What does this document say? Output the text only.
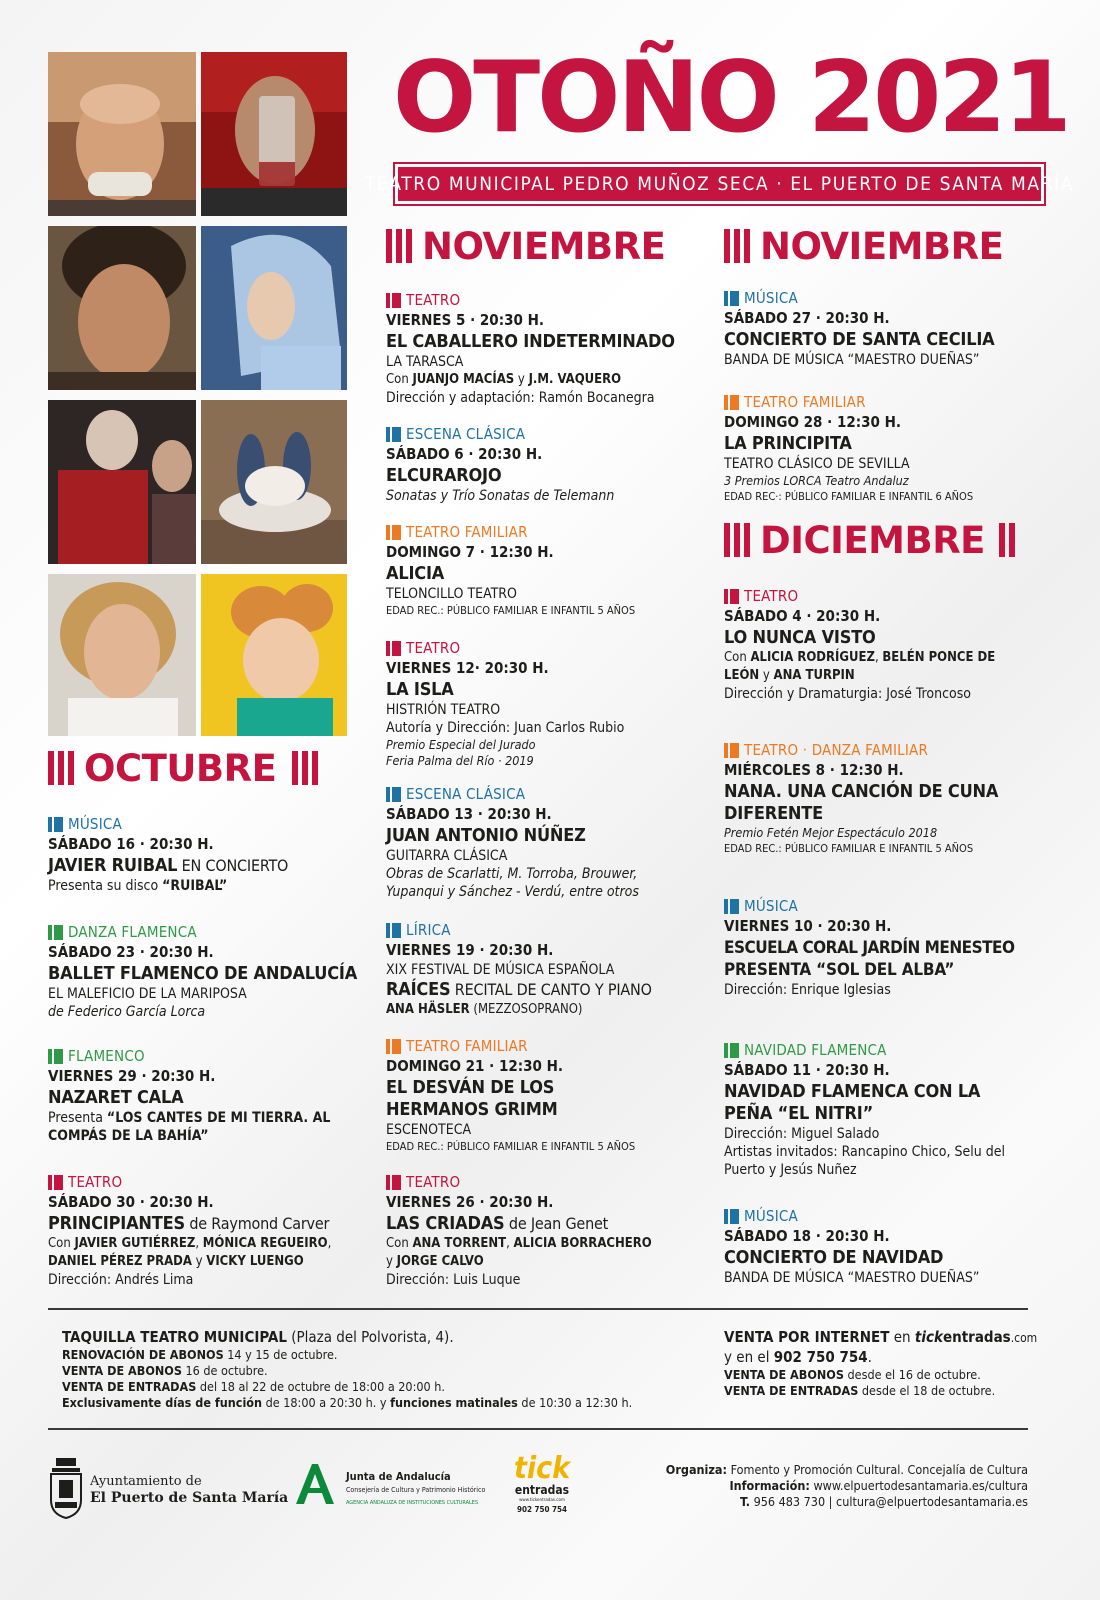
OTOÑO 2021
TEATRO MUNICIPAL PEDRO MUÑOZ SECA · EL PUERTO DE SANTA MARÍA
OCTUBRE
NOVIEMBRE	NOVIEMBRE
DICIEMBRE
MÚSICA
SÁBADO 16 · 20:30 H.
JAVIER RUIBAL EN CONCIERTO
Presenta su disco “RUIBAL”
DANZA FLAMENCA
SÁBADO 23 · 20:30 H.
BALLET FLAMENCO DE ANDALUCÍA
EL MALEFICIO DE LA MARIPOSA
de Federico García Lorca
FLAMENCO
VIERNES 29 · 20:30 H.
NAZARET CALA
Presenta “LOS CANTES DE MI TIERRA. AL
COMPÁS DE LA BAHÍA”
TEATRO
SÁBADO 30 · 20:30 H.
PRINCIPIANTES de Raymond Carver
Con JAVIER GUTIÉRREZ, MÓNICA REGUEIRO,
DANIEL PÉREZ PRADA y VICKY LUENGO
Dirección: Andrés Lima
TEATRO
VIERNES 5 · 20:30 H.
EL CABALLERO INDETERMINADO
LA TARASCA
Con JUANJO MACÍAS y J.M. VAQUERO
Dirección y adaptación: Ramón Bocanegra
ESCENA CLÁSICA
SÁBADO 6 · 20:30 H.
ELCURAROJO
Sonatas y Trío Sonatas de Telemann
TEATRO FAMILIAR
DOMINGO 7 · 12:30 H.
ALICIA
TELONCILLO TEATRO
EDAD REC.: PÚBLICO FAMILIAR E INFANTIL 5 AÑOS
TEATRO
VIERNES 12· 20:30 H.
LA ISLA
HISTRIÓN TEATRO
Autoría y Dirección: Juan Carlos Rubio
Premio Especial del Jurado
Feria Palma del Río · 2019
ESCENA CLÁSICA
SÁBADO 13 · 20:30 H.
JUAN ANTONIO NÚÑEZ
GUITARRA CLÁSICA
Obras de Scarlatti, M. Torroba, Brouwer,
Yupanqui y Sánchez - Verdú, entre otros
LÍRICA
VIERNES 19 · 20:30 H.
XIX FESTIVAL DE MÚSICA ESPAÑOLA
RAÍCES RECITAL DE CANTO Y PIANO
ANA HÄSLER (MEZZOSOPRANO)
TEATRO FAMILIAR
DOMINGO 21 · 12:30 H.
EL DESVÁN DE LOS
HERMANOS GRIMM
ESCENOTECA
EDAD REC.: PÚBLICO FAMILIAR E INFANTIL 5 AÑOS
TEATRO
VIERNES 26 · 20:30 H.
LAS CRIADAS de Jean Genet
Con ANA TORRENT, ALICIA BORRACHERO
y JORGE CALVO
Dirección: Luis Luque
MÚSICA
SÁBADO 27 · 20:30 H.
CONCIERTO DE SANTA CECILIA
BANDA DE MÚSICA “MAESTRO DUEÑAS”
TEATRO FAMILIAR
DOMINGO 28 · 12:30 H.
LA PRINCIPITA
TEATRO CLÁSICO DE SEVILLA
3 Premios LORCA Teatro Andaluz
EDAD REC·: PÚBLICO FAMILIAR E INFANTIL 6 AÑOS
TEATRO
SÁBADO 4 · 20:30 H.
LO NUNCA VISTO
Con ALICIA RODRÍGUEZ, BELÉN PONCE DE
LEÓN y ANA TURPIN
Dirección y Dramaturgia: José Troncoso
TEATRO · DANZA FAMILIAR
MIÉRCOLES 8 · 12:30 H.
NANA. UNA CANCIÓN DE CUNA
DIFERENTE
Premio Fetén Mejor Espectáculo 2018
EDAD REC.: PÚBLICO FAMILIAR E INFANTIL 5 AÑOS
MÚSICA
VIERNES 10 · 20:30 H.
ESCUELA CORAL JARDÍN MENESTEO
PRESENTA “SOL DEL ALBA”
Dirección: Enrique Iglesias
NAVIDAD FLAMENCA
SÁBADO 11 · 20:30 H.
NAVIDAD FLAMENCA CON LA
PEÑA “EL NITRI”
Dirección: Miguel Salado
Artistas invitados: Rancapino Chico, Selu del
Puerto y Jesús Nuñez
MÚSICA
SÁBADO 18 · 20:30 H.
CONCIERTO DE NAVIDAD
BANDA DE MÚSICA “MAESTRO DUEÑAS”
TAQUILLA TEATRO MUNICIPAL (Plaza del Polvorista, 4).
RENOVACIÓN DE ABONOS 14 y 15 de octubre.
VENTA DE ABONOS 16 de octubre.
VENTA DE ENTRADAS del 18 al 22 de octubre de 18:00 a 20:00 h.
Exclusivamente días de función de 18:00 a 20:30 h. y funciones matinales de 10:30 a 12:30 h.
VENTA POR INTERNET en tickentradas.com
y en el 902 750 754.
VENTA DE ABONOS desde el 16 de octubre.
VENTA DE ENTRADAS desde el 18 de octubre.
Ayuntamiento de
El Puerto de Santa María
Junta de Andalucía
Consejería de Cultura y Patrimonio Histórico
AGENCIA ANDALUZA DE INSTITUCIONES CULTURALES
tick
entradas
www.tickentradas.com
902 750 754
Organiza: Fomento y Promoción Cultural. Concejalía de Cultura
Información: www.elpuertodesantamaria.es/cultura
T. 956 483 730 | cultura@elpuertodesantamaria.es
